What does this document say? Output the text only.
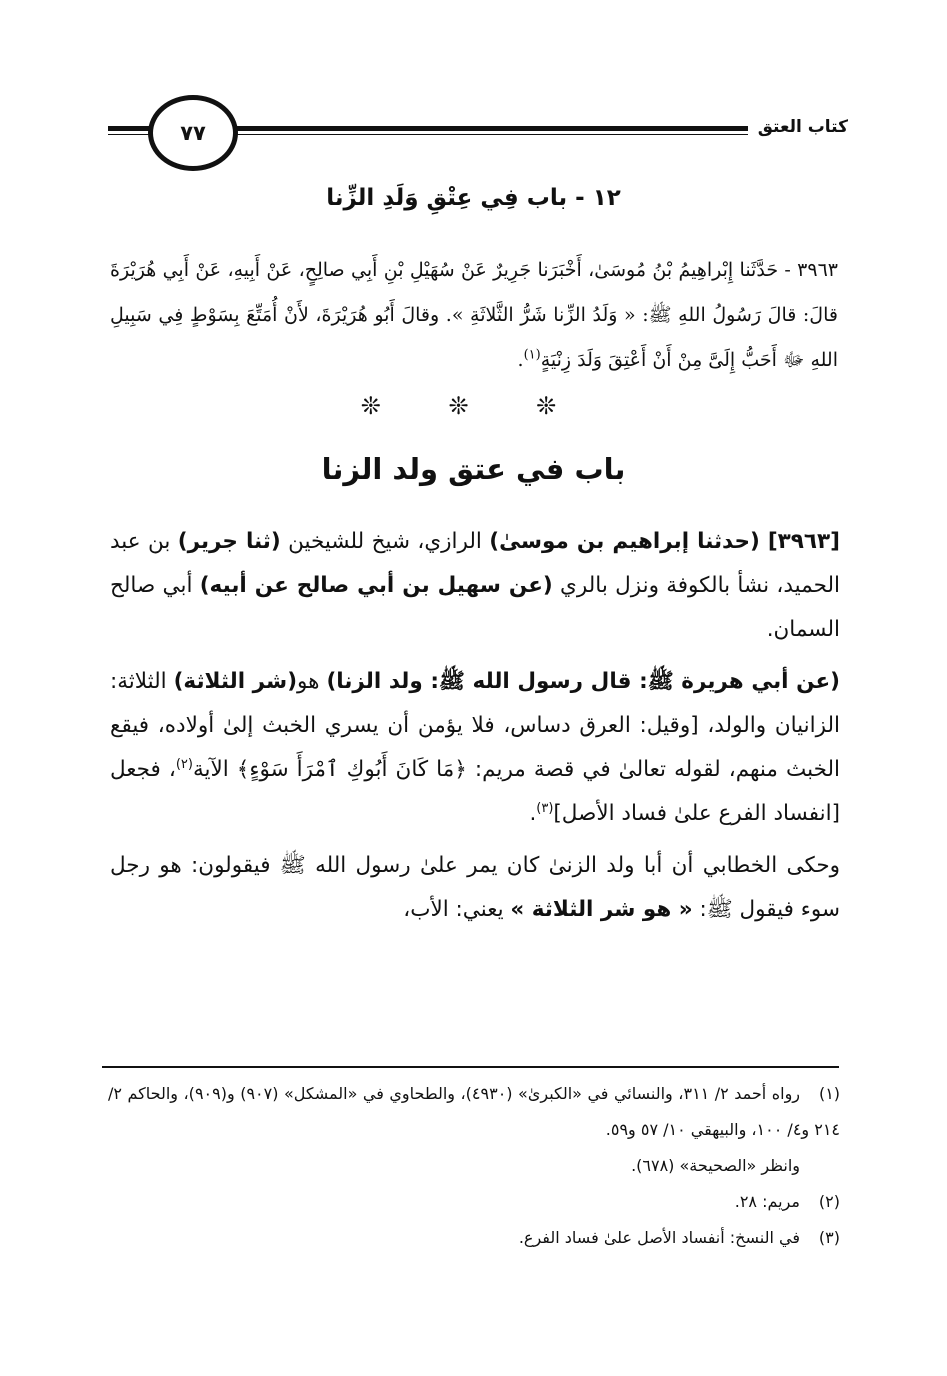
كتاب العتق
٧٧
١٢ - باب فِي عِتْقِ وَلَدِ الزِّنا
٣٩٦٣ - حَدَّثَنا إِبْراهِيمُ بْنُ مُوسَىٰ، أَخْبَرَنا جَرِيرٌ عَنْ سُهَيْلِ بْنِ أَبِي صالِحٍ، عَنْ أَبِيهِ، عَنْ أَبِي هُرَيْرَةَ قالَ: قالَ رَسُولُ اللهِ ﷺ: « وَلَدُ الزِّنا شَرُّ الثَّلاثَةِ ». وقالَ أَبُو هُرَيْرَةَ، لأَنْ أُمَتِّعَ بِسَوْطٍ فِي سَبِيلِ اللهِ ﷻ أَحَبُّ إِلَىَّ مِنْ أَنْ أَعْتِقَ وَلَدَ زِنْيَةٍ$^{(١)}$.
❊ ❊ ❊
باب في عتق ولد الزنا

[٣٩٦٣] (حدثنا إبراهيم بن موسىٰ) الرازي، شيخ للشيخين (ثنا جرير) بن عبد الحميد، نشأ بالكوفة ونزل بالري (عن سهيل بن أبي صالح عن أبيه) أبي صالح السمان.

(عن أبي هريرة ﷺ: قال رسول الله ﷺ: ولد الزنا) هو(شر الثلاثة) الثلاثة: الزانيان والولد، [وقيل: العرق دساس، فلا يؤمن أن يسري الخبث إلىٰ أولاده، فيقع الخبث منهم، لقوله تعالىٰ في قصة مريم: ﴿مَا كَانَ أَبُوكِ ٱمْرَأَ سَوْءٍ﴾ الآية$^{(٢)}$، فجعل [انفساد الفرع علىٰ فساد الأصل]$^{(٣)}$.

وحكى الخطابي أن أبا ولد الزنىٰ كان يمر علىٰ رسول الله ﷺ فيقولون: هو رجل سوء فيقول ﷺ: « هو شر الثلاثة » يعني: الأب،

(١)رواه أحمد ٢/ ٣١١، والنسائي في «الكبرىٰ» (٤٩٣٠)، والطحاوي في «المشكل» (٩٠٧) و(٩٠٩)، والحاكم ٢/ ٢١٤ و٤/ ١٠٠، والبيهقي ١٠/ ٥٧ و٥٩.

وانظر «الصحيحة» (٦٧٨).

(٢)مريم: ٢٨.

(٣)في النسخ: أنفساد الأصل علىٰ فساد الفرع.
